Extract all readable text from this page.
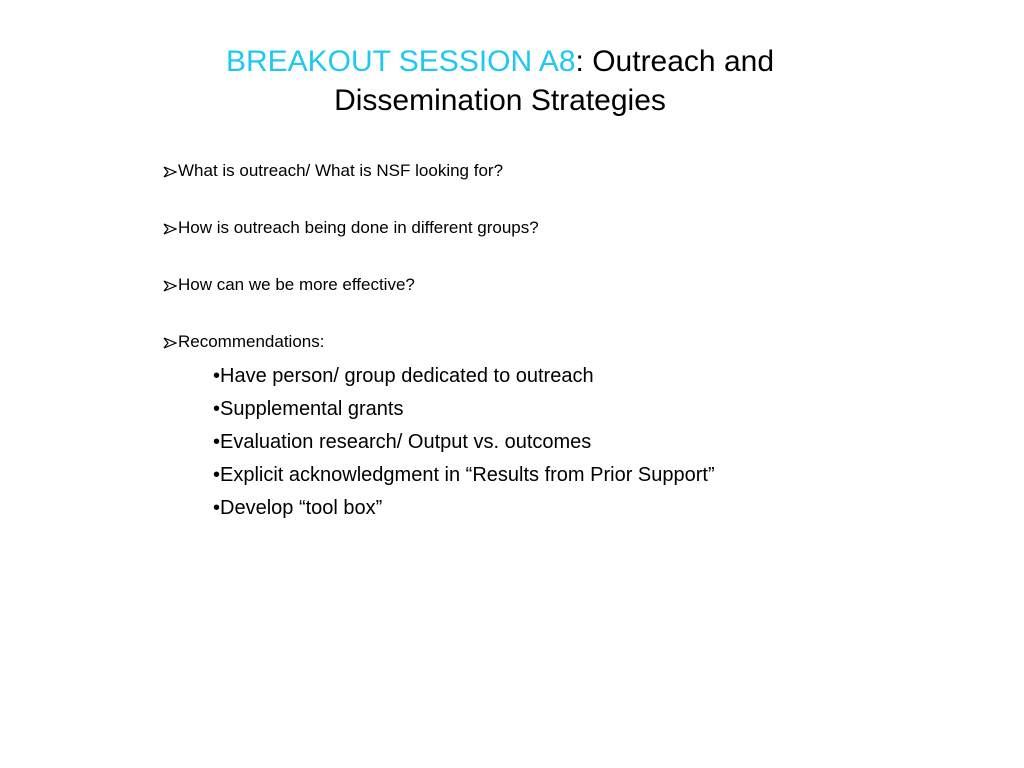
BREAKOUT SESSION A8: Outreach and
Dissemination Strategies
What is outreach/ What is NSF looking for?
How is outreach being done in different groups?
How can we be more effective?
Recommendations:
•Have person/ group dedicated to outreach
•Supplemental grants
•Evaluation research/ Output vs. outcomes
•Explicit acknowledgment in “Results from Prior Support”
•Develop “tool box”
